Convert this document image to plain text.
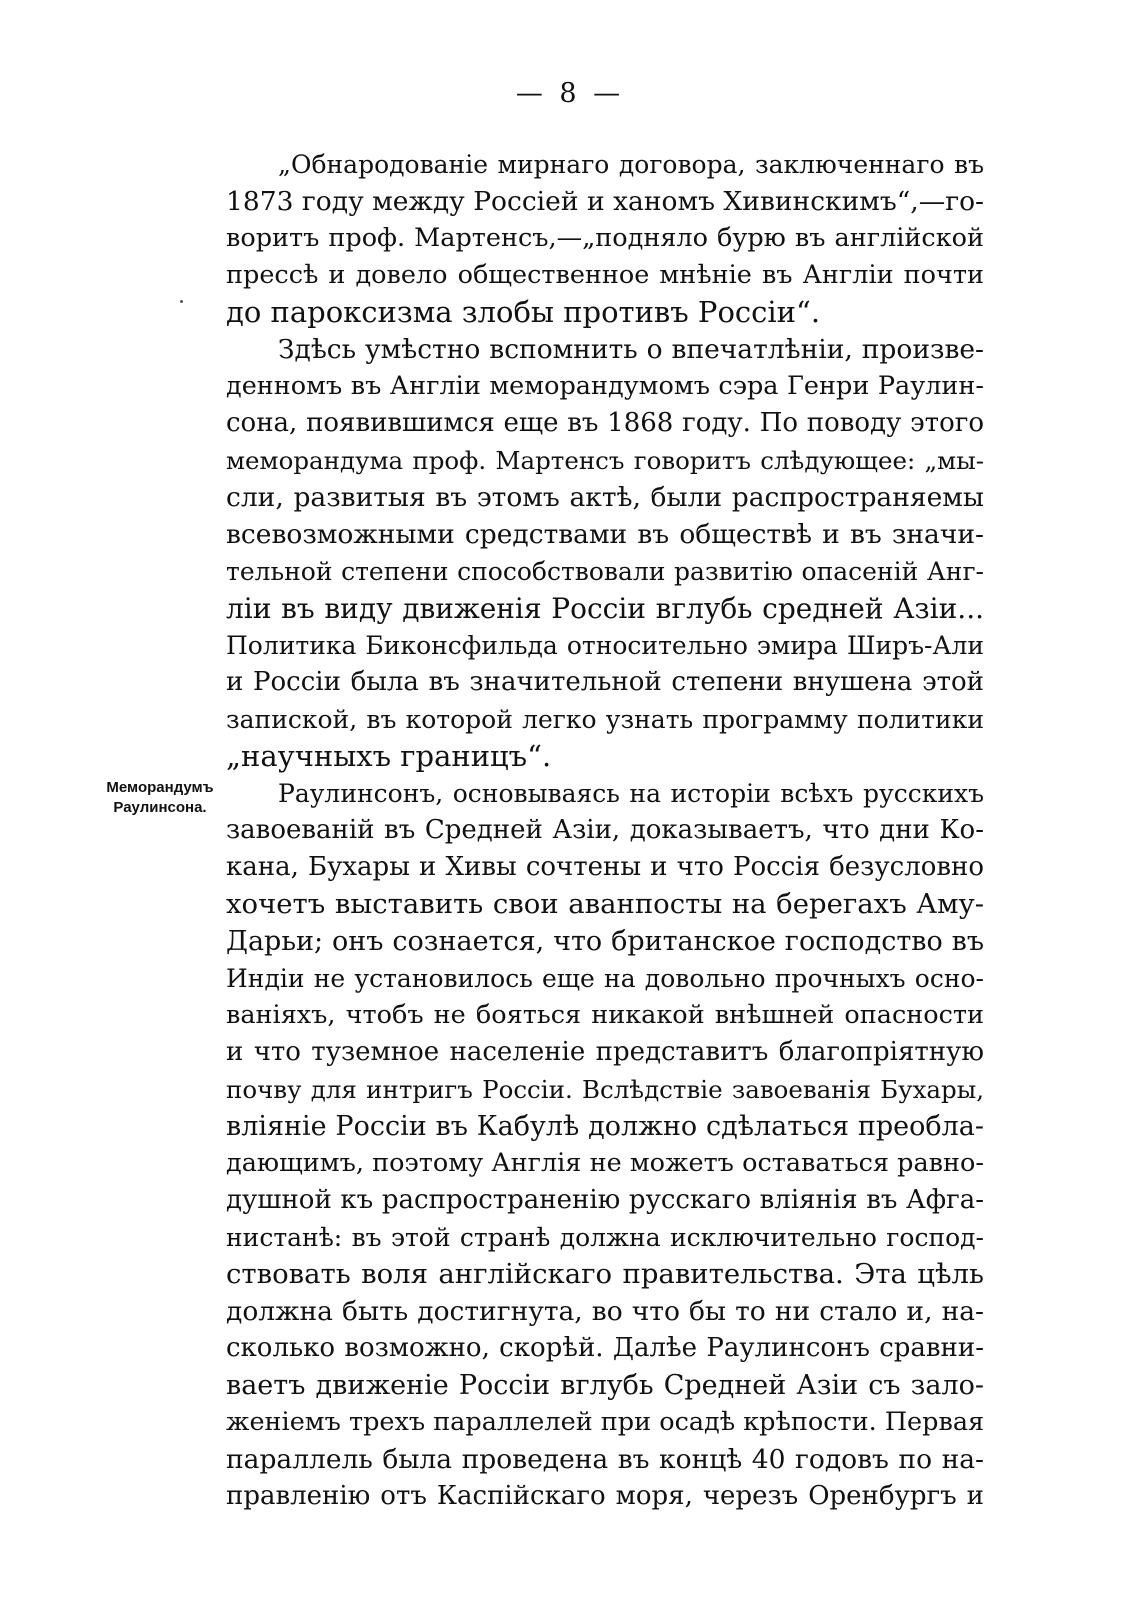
— 8 —
Меморандумъ
Раулинсона.
„Обнародованіе мирнаго договора, заключеннаго въ
1873 году между Россіей и ханомъ Хивинскимъ“,—го-
воритъ проф. Мартенсъ,—„подняло бурю въ англійской
прессѣ и довело общественное мнѣніе въ Англіи почти
до пароксизма злобы противъ Россіи“.
Здѣсь умѣстно вспомнить о впечатлѣніи, произве-
денномъ въ Англіи меморандумомъ сэра Генри Раулин-
сона, появившимся еще въ 1868 году. По поводу этого
меморандума проф. Мартенсъ говоритъ слѣдующее: „мы-
сли, развитыя въ этомъ актѣ, были распространяемы
всевозможными средствами въ обществѣ и въ значи-
тельной степени способствовали развитію опасеній Анг-
ліи въ виду движенія Россіи вглубь средней Азіи...
Политика Биконсфильда относительно эмира Ширъ-Али
и Россіи была въ значительной степени внушена этой
запиской, въ которой легко узнать программу политики
„научныхъ границъ“.
Раулинсонъ, основываясь на исторіи всѣхъ русскихъ
завоеваній въ Средней Азіи, доказываетъ, что дни Ко-
кана, Бухары и Хивы сочтены и что Россія безусловно
хочетъ выставить свои аванпосты на берегахъ Аму-
Дарьи; онъ сознается, что британское господство въ
Индіи не установилось еще на довольно прочныхъ осно-
ваніяхъ, чтобъ не бояться никакой внѣшней опасности
и что туземное населеніе представитъ благопріятную
почву для интригъ Россіи. Вслѣдствіе завоеванія Бухары,
вліяніе Россіи въ Кабулѣ должно сдѣлаться преобла-
дающимъ, поэтому Англія не можетъ оставаться равно-
душной къ распространенію русскаго вліянія въ Афга-
нистанѣ: въ этой странѣ должна исключительно господ-
ствовать воля англійскаго правительства. Эта цѣль
должна быть достигнута, во что бы то ни стало и, на-
сколько возможно, скорѣй. Далѣе Раулинсонъ сравни-
ваетъ движеніе Россіи вглубь Средней Азіи съ зало-
женіемъ трехъ параллелей при осадѣ крѣпости. Первая
параллель была проведена въ концѣ 40 годовъ по на-
правленію отъ Каспійскаго моря, черезъ Оренбургъ и
